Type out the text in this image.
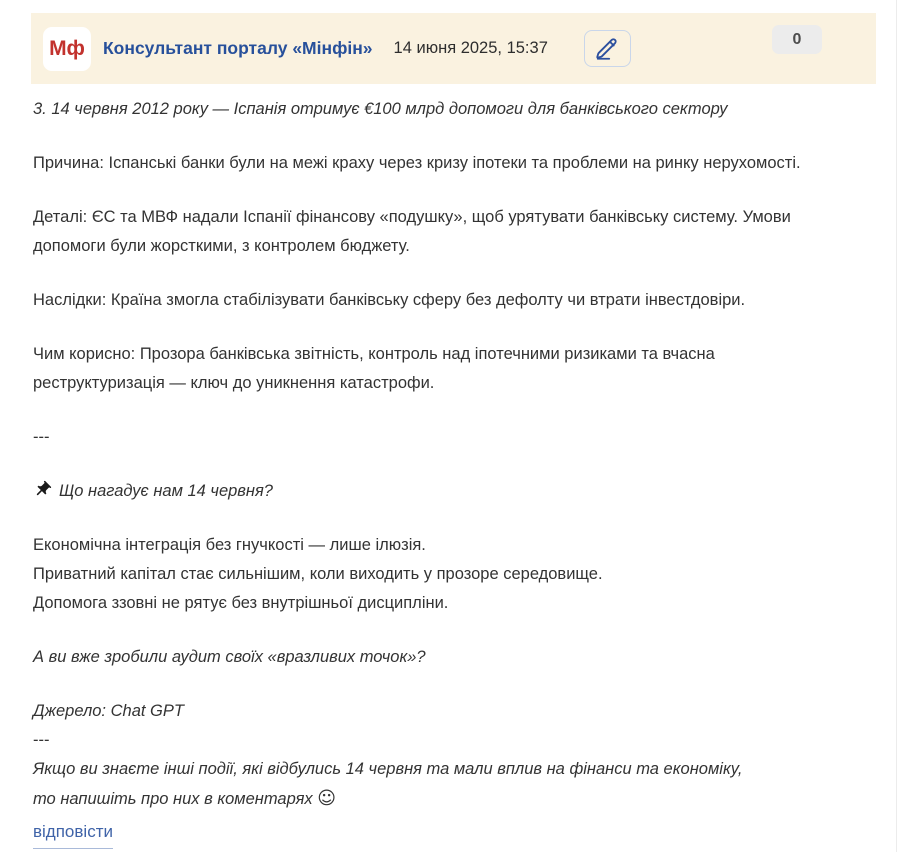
Мф Консультант порталу «Мінфін» 14 июня 2025, 15:37	0

3. 14 червня 2012 року — Іспанія отримує €100 млрд допомоги для банківського сектору

Причина: Іспанські банки були на межі краху через кризу іпотеки та проблеми на ринку нерухомості.

Деталі: ЄС та МВФ надали Іспанії фінансову «подушку», щоб урятувати банківську систему. Умови
допомоги були жорсткими, з контролем бюджету.

Наслідки: Країна змогла стабілізувати банківську сферу без дефолту чи втрати інвестдовіри.

Чим корисно: Прозора банківська звітність, контроль над іпотечними ризиками та вчасна
реструктуризація — ключ до уникнення катастрофи.

---

Що нагадує нам 14 червня?

Економічна інтеграція без гнучкості — лише ілюзія.
Приватний капітал стає сильнішим, коли виходить у прозоре середовище.
Допомога ззовні не рятує без внутрішньої дисципліни.

А ви вже зробили аудит своїх «вразливих точок»?

Джерело: Chat GPT

---

Якщо ви знаєте інші події, які відбулись 14 червня та мали вплив на фінанси та економіку,
то напишіть про них в коментарях ☺

відповісти
